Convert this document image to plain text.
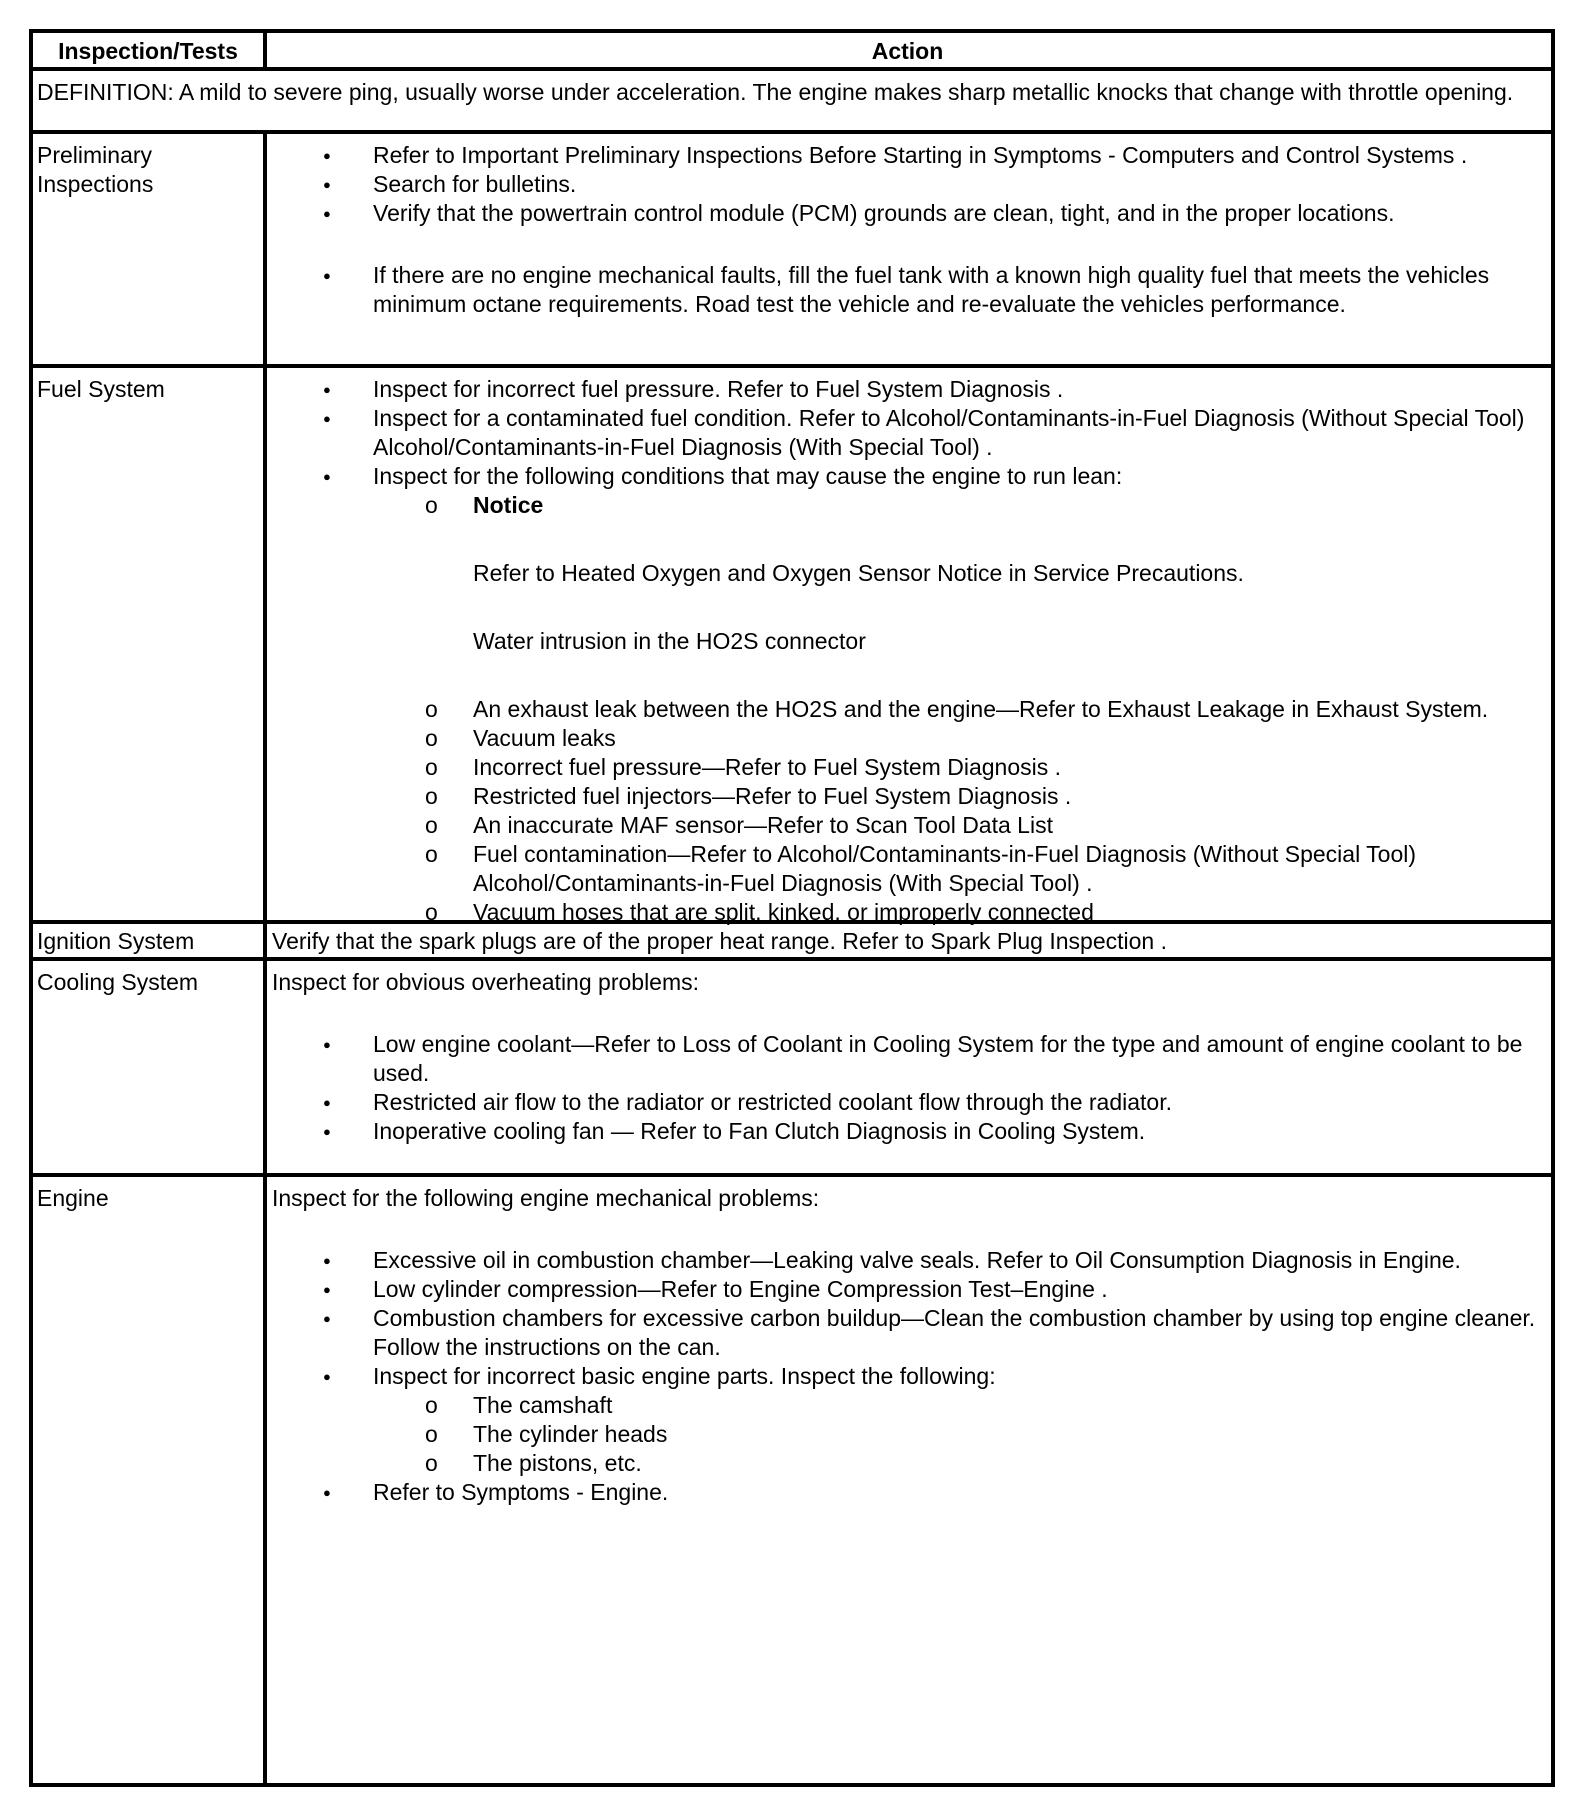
Inspection/Tests	Action
DEFINITION: A mild to severe ping, usually worse under acceleration. The engine makes sharp metallic knocks that change with throttle opening.
Preliminary Inspections
● Refer to Important Preliminary Inspections Before Starting in Symptoms - Computers and Control Systems .
● Search for bulletins.
● Verify that the powertrain control module (PCM) grounds are clean, tight, and in the proper locations.
● If there are no engine mechanical faults, fill the fuel tank with a known high quality fuel that meets the vehicles minimum octane requirements. Road test the vehicle and re-evaluate the vehicles performance.
Fuel System
●	Inspect for incorrect fuel pressure. Refer to Fuel System Diagnosis .
● Inspect for a contaminated fuel condition. Refer to Alcohol/Contaminants-in-Fuel Diagnosis (Without Special Tool) Alcohol/Contaminants-in-Fuel Diagnosis (With Special Tool) .
● Inspect for the following conditions that may cause the engine to run lean:
o Notice
Refer to Heated Oxygen and Oxygen Sensor Notice in Service Precautions.
Water intrusion in the HO2S connector
o An exhaust leak between the HO2S and the engine—Refer to Exhaust Leakage in Exhaust System.
o Vacuum leaks
o Incorrect fuel pressure—Refer to Fuel System Diagnosis .
o Restricted fuel injectors—Refer to Fuel System Diagnosis .
o An inaccurate MAF sensor—Refer to Scan Tool Data List
o Fuel contamination—Refer to Alcohol/Contaminants-in-Fuel Diagnosis (Without Special Tool) Alcohol/Contaminants-in-Fuel Diagnosis (With Special Tool) .
o Vacuum hoses that are split, kinked, or improperly connected
Ignition System	Verify that the spark plugs are of the proper heat range. Refer to Spark Plug Inspection .
Cooling System	Inspect for obvious overheating problems:
● Low engine coolant—Refer to Loss of Coolant in Cooling System for the type and amount of engine coolant to be used.
● Restricted air flow to the radiator or restricted coolant flow through the radiator.
● Inoperative cooling fan — Refer to Fan Clutch Diagnosis in Cooling System.
Engine	Inspect for the following engine mechanical problems:
● Excessive oil in combustion chamber—Leaking valve seals. Refer to Oil Consumption Diagnosis in Engine.
● Low cylinder compression—Refer to Engine Compression Test–Engine .
● Combustion chambers for excessive carbon buildup—Clean the combustion chamber by using top engine cleaner. Follow the instructions on the can.
● Inspect for incorrect basic engine parts. Inspect the following:
o The camshaft
o The cylinder heads
o The pistons, etc.
● Refer to Symptoms - Engine.
